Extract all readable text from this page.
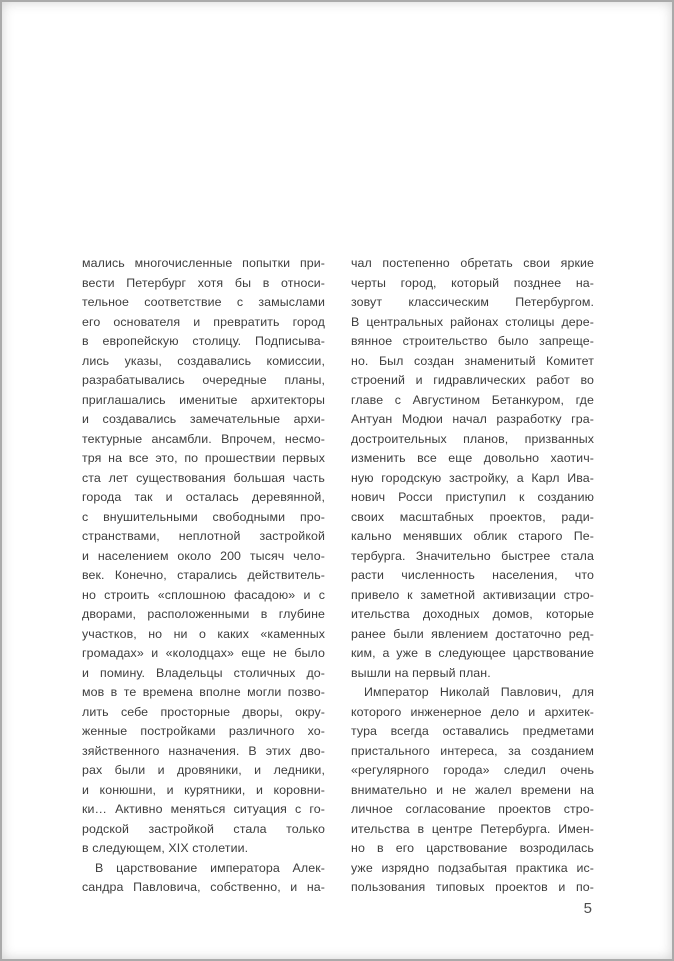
мались многочисленные попытки при-
вести Петербург хотя бы в относи-
тельное соответствие с замыслами
его основателя и превратить город
в европейскую столицу. Подписыва-
лись указы, создавались комиссии,
разрабатывались очередные планы,
приглашались именитые архитекторы
и создавались замечательные архи-
тектурные ансамбли. Впрочем, несмо-
тря на все это, по прошествии первых
ста лет существования большая часть
города так и осталась деревянной,
с внушительными свободными про-
странствами, неплотной застройкой
и населением около 200 тысяч чело-
век. Конечно, старались действитель-
но строить «сплошною фасадою» и с
дворами, расположенными в глубине
участков, но ни о каких «каменных
громадах» и «колодцах» еще не было
и помину. Владельцы столичных до-
мов в те времена вполне могли позво-
лить себе просторные дворы, окру-
женные постройками различного хо-
зяйственного назначения. В этих дво-
рах были и дровяники, и ледники,
и конюшни, и курятники, и коровни-
ки… Активно меняться ситуация с го-
родской застройкой стала только
в следующем, XIX столетии.
В царствование императора Алек-
сандра Павловича, собственно, и на-
чал постепенно обретать свои яркие
черты город, который позднее на-
зовут классическим Петербургом.
В центральных районах столицы дере-
вянное строительство было запреще-
но. Был создан знаменитый Комитет
строений и гидравлических работ во
главе с Августином Бетанкуром, где
Антуан Модюи начал разработку гра-
достроительных планов, призванных
изменить все еще довольно хаотич-
ную городскую застройку, а Карл Ива-
нович Росси приступил к созданию
своих масштабных проектов, ради-
кально менявших облик старого Пе-
тербурга. Значительно быстрее стала
расти численность населения, что
привело к заметной активизации стро-
ительства доходных домов, которые
ранее были явлением достаточно ред-
ким, а уже в следующее царствование
вышли на первый план.
Император Николай Павлович, для
которого инженерное дело и архитек-
тура всегда оставались предметами
пристального интереса, за созданием
«регулярного города» следил очень
внимательно и не жалел времени на
личное согласование проектов стро-
ительства в центре Петербурга. Имен-
но в его царствование возродилась
уже изрядно подзабытая практика ис-
пользования типовых проектов и по-
5
